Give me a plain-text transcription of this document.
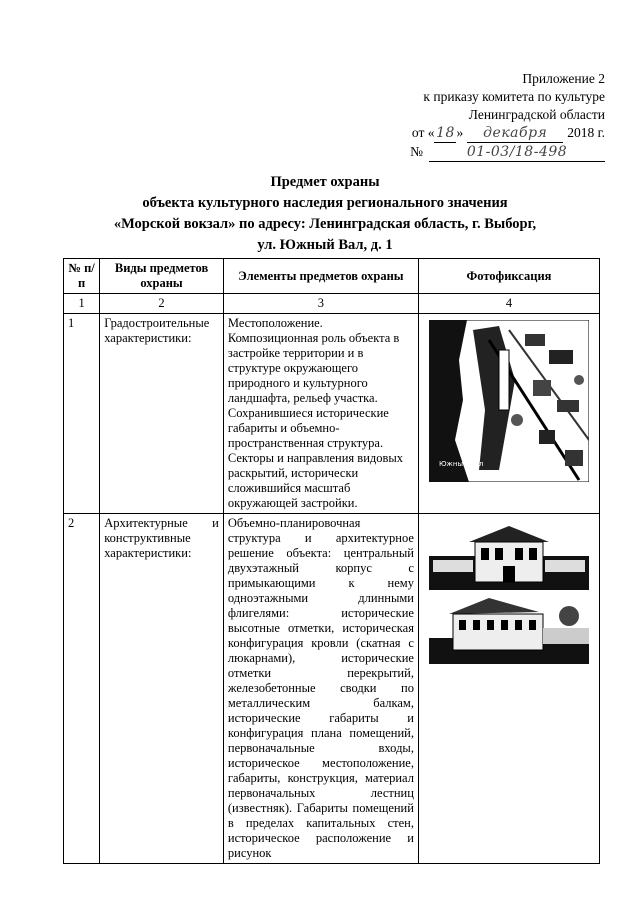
Приложение 2
к приказу комитета по культуре
Ленинградской области
от « 18 »	декабря	2018 г.
№	01-03/18-498
Предмет охраны
объекта культурного наследия регионального значения
«Морской вокзал» по адресу: Ленинградская область, г. Выборг,
ул. Южный Вал, д. 1
№ п/п	Виды предметов охраны	Элементы предметов охраны	Фотофиксация
1	2	3	4
1	Градостроительные характеристики:	Местоположение. Композиционная роль объекта в застройке территории и в структуре окружающего природного и культурного ландшафта, рельеф участка. Сохранившиеся исторические габариты и объемно-пространственная структура. Секторы и направления видовых раскрытий, исторически сложившийся масштаб окружающей застройки.	Южный Вал

2	Архитектурные и конструктивные характеристики:	Объемно-планировочная структура и архитектурное решение объекта: центральный двухэтажный корпус с примыкающими к нему одноэтажными длинными флигелями: исторические высотные отметки, историческая конфигурация кровли (скатная с люкарнами), исторические отметки перекрытий, железобетонные сводки по металлическим балкам, исторические габариты и конфигурация плана помещений, первоначальные входы, историческое местоположение, габариты, конструкция, материал первоначальных лестниц (известняк). Габариты помещений в пределах капитальных стен, историческое расположение и рисунок	
